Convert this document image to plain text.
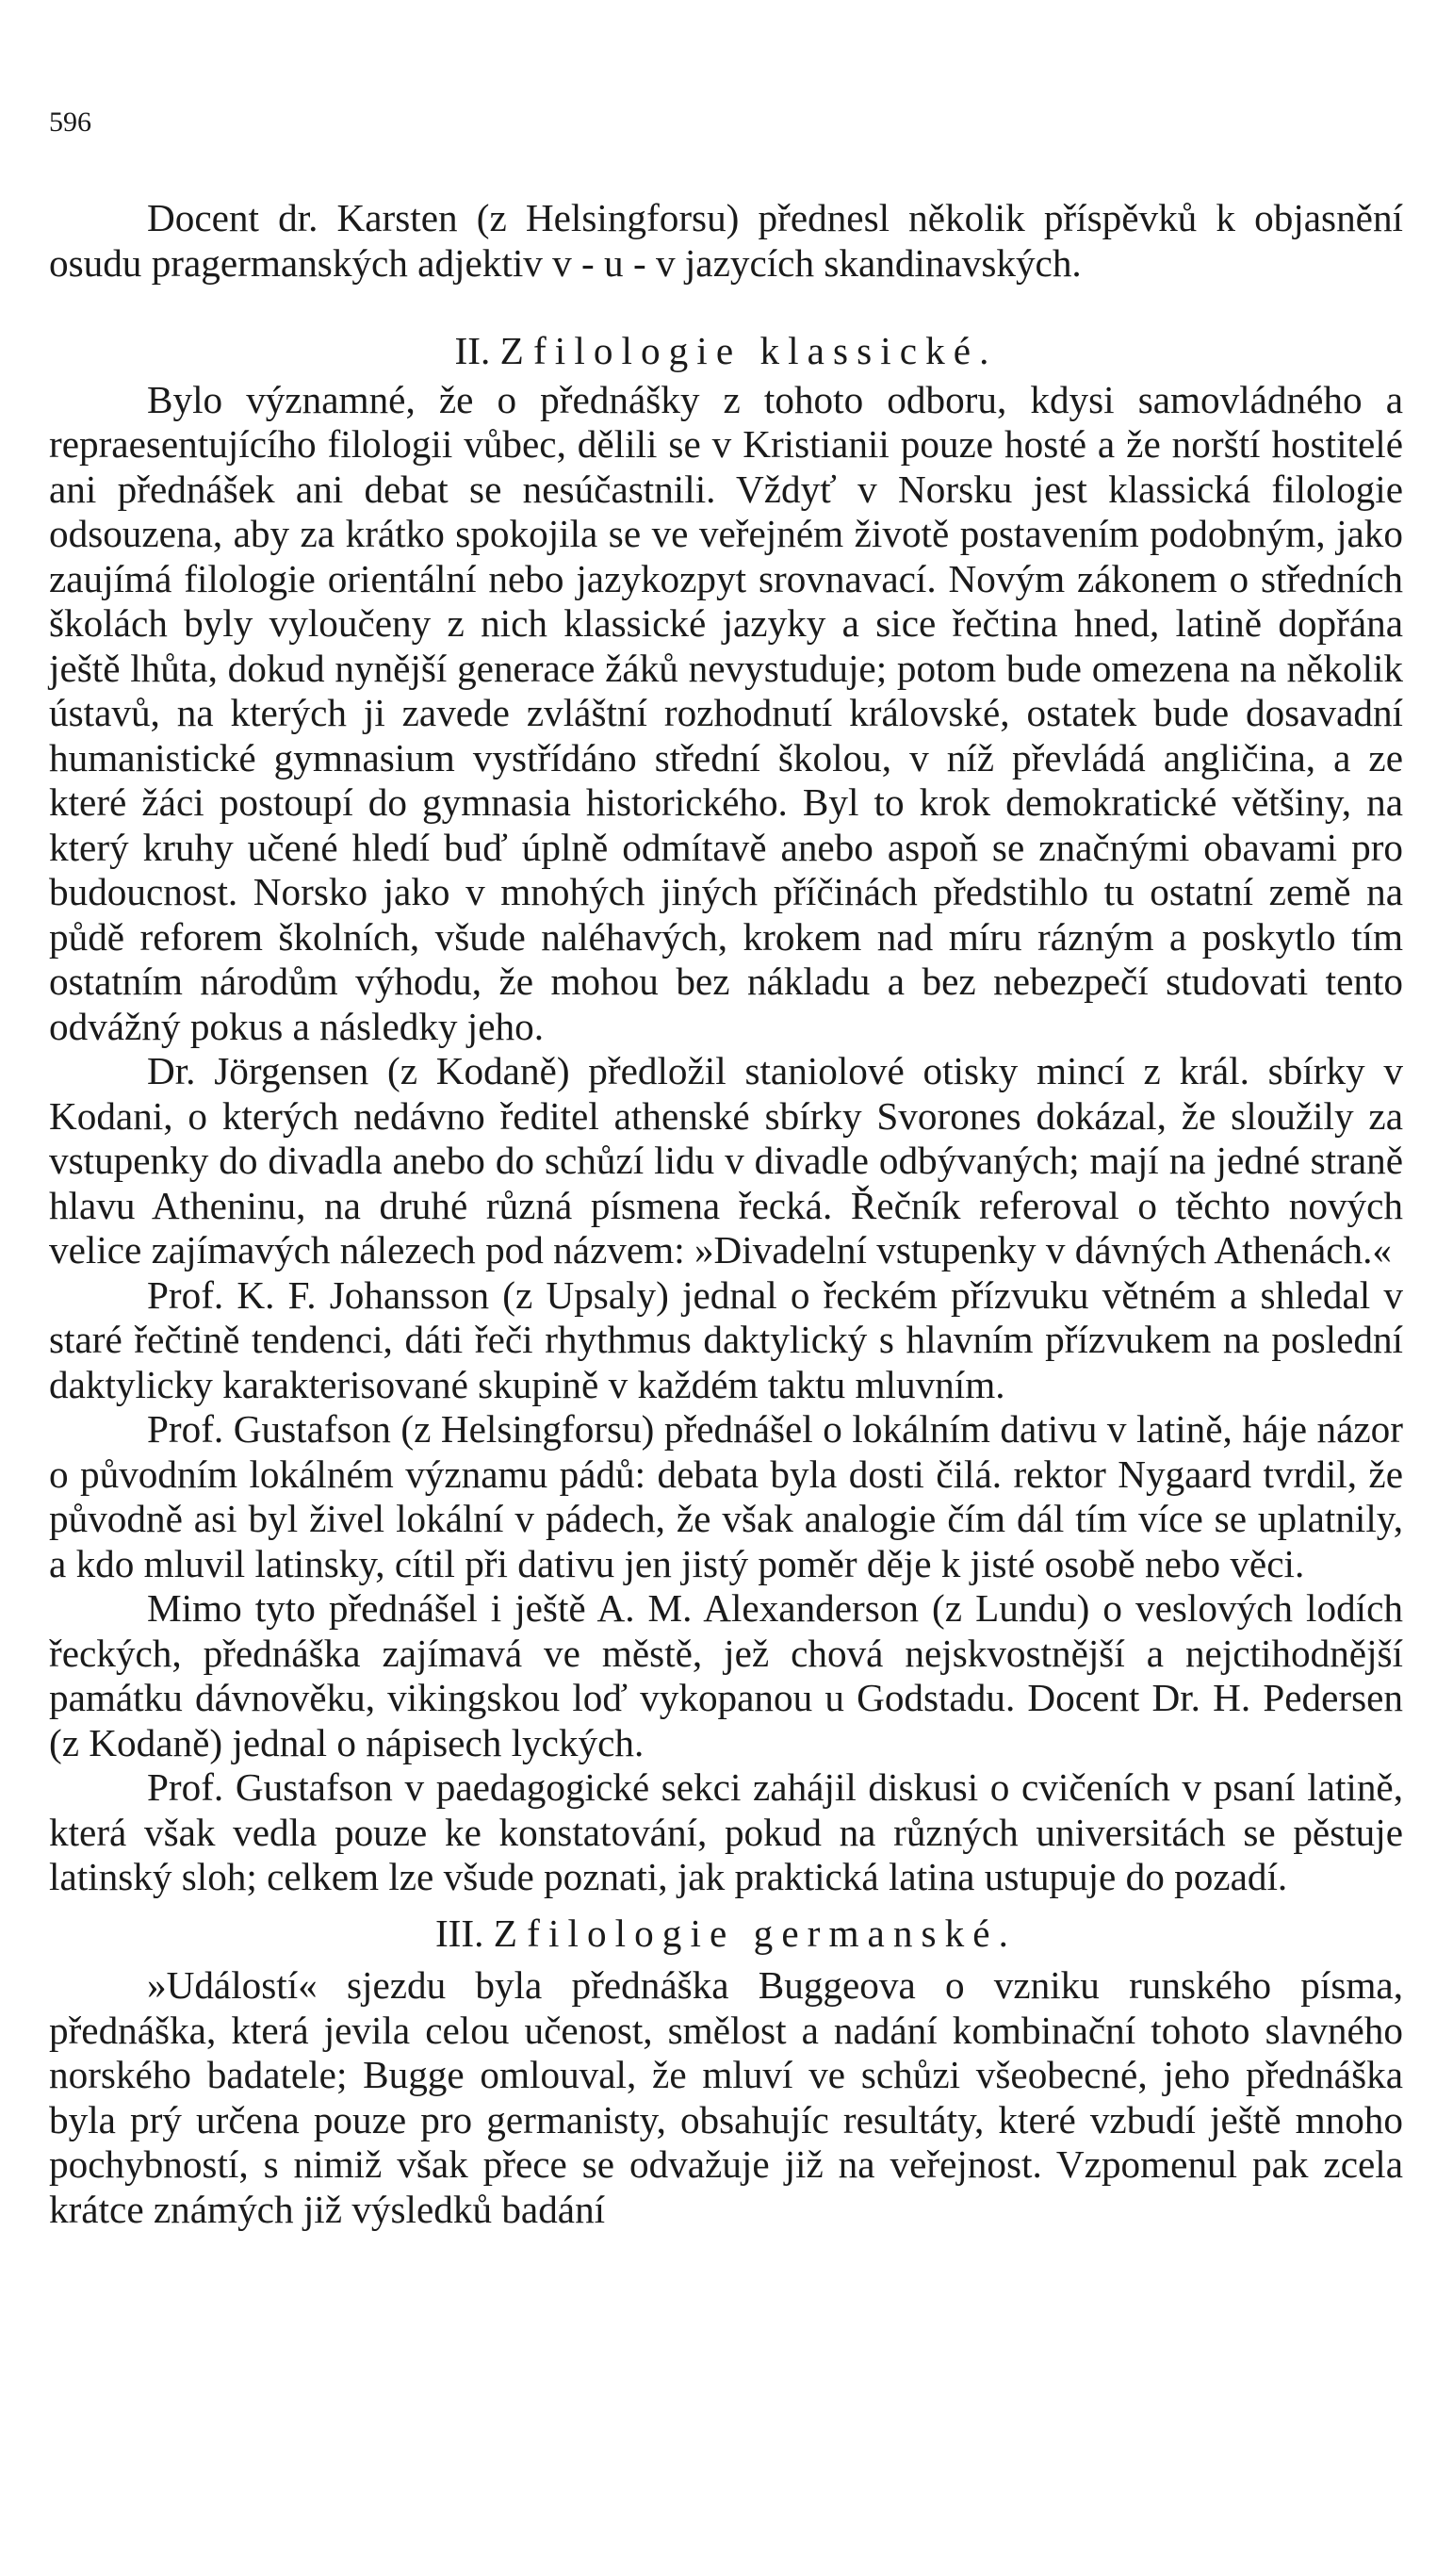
596

Docent dr. Karsten (z Helsingforsu) přednesl několik příspěvků k objasnění osudu pragermanských adjektiv v - u - v jazycích skandinavských.

II. Z filologie klassické.

Bylo významné, že o přednášky z tohoto odboru, kdysi samovládného a repraesentujícího filologii vůbec, dělili se v Kristianii pouze hosté a že norští hostitelé ani přednášek ani debat se nesúčastnili. Vždyť v Norsku jest klassická filologie odsouzena, aby za krátko spokojila se ve veřejném životě postavením podobným, jako zaujímá filologie orientální nebo jazykozpyt srovnavací. Novým zákonem o středních školách byly vyloučeny z nich klassické jazyky a sice řečtina hned, latině dopřána ještě lhůta, dokud nynější generace žáků nevystuduje; potom bude omezena na několik ústavů, na kterých ji zavede zvláštní rozhodnutí královské, ostatek bude dosavadní humanistické gymnasium vystřídáno střední školou, v níž převládá angličina, a ze které žáci postoupí do gymnasia historického. Byl to krok demokratické většiny, na který kruhy učené hledí buď úplně odmítavě anebo aspoň se značnými obavami pro budoucnost. Norsko jako v mnohých jiných příčinách předstihlo tu ostatní země na půdě reforem školních, všude naléhavých, krokem nad míru rázným a poskytlo tím ostatním národům výhodu, že mohou bez nákladu a bez nebezpečí studovati tento odvážný pokus a následky jeho.

Dr. Jörgensen (z Kodaně) předložil staniolové otisky mincí z král. sbírky v Kodani, o kterých nedávno ředitel athenské sbírky Svorones dokázal, že sloužily za vstupenky do divadla anebo do schůzí lidu v divadle odbývaných; mají na jedné straně hlavu Atheninu, na druhé různá písmena řecká. Řečník referoval o těchto nových velice zajímavých nálezech pod názvem: »Divadelní vstupenky v dávných Athenách.«

Prof. K. F. Johansson (z Upsaly) jednal o řeckém přízvuku větném a shledal v staré řečtině tendenci, dáti řeči rhythmus daktylický s hlavním přízvukem na poslední daktylicky karakterisované skupině v každém taktu mluvním.

Prof. Gustafson (z Helsingforsu) přednášel o lokálním dativu v latině, háje názor o původním lokálném významu pádů: debata byla dosti čilá. rektor Nygaard tvrdil, že původně asi byl živel lokální v pádech, že však analogie čím dál tím více se uplatnily, a kdo mluvil latinsky, cítil při dativu jen jistý poměr děje k jisté osobě nebo věci.

Mimo tyto přednášel i ještě A. M. Alexanderson (z Lundu) o veslových lodích řeckých, přednáška zajímavá ve městě, jež chová nejskvostnější a nejctihodnější památku dávnověku, vikingskou loď vykopanou u Godstadu. Docent Dr. H. Pedersen (z Kodaně) jednal o nápisech lyckých.

Prof. Gustafson v paedagogické sekci zahájil diskusi o cvičeních v psaní latině, která však vedla pouze ke konstatování, pokud na různých universitách se pěstuje latinský sloh; celkem lze všude poznati, jak praktická latina ustupuje do pozadí.

III. Z filologie germanské.

»Událostí« sjezdu byla přednáška Buggeova o vzniku runského písma, přednáška, která jevila celou učenost, smělost a nadání kombinační tohoto slavného norského badatele; Bugge omlouval, že mluví ve schůzi všeobecné, jeho přednáška byla prý určena pouze pro germanisty, obsahujíc resultáty, které vzbudí ještě mnoho pochybností, s nimiž však přece se odvažuje již na veřejnost. Vzpomenul pak zcela krátce známých již výsledků badání
